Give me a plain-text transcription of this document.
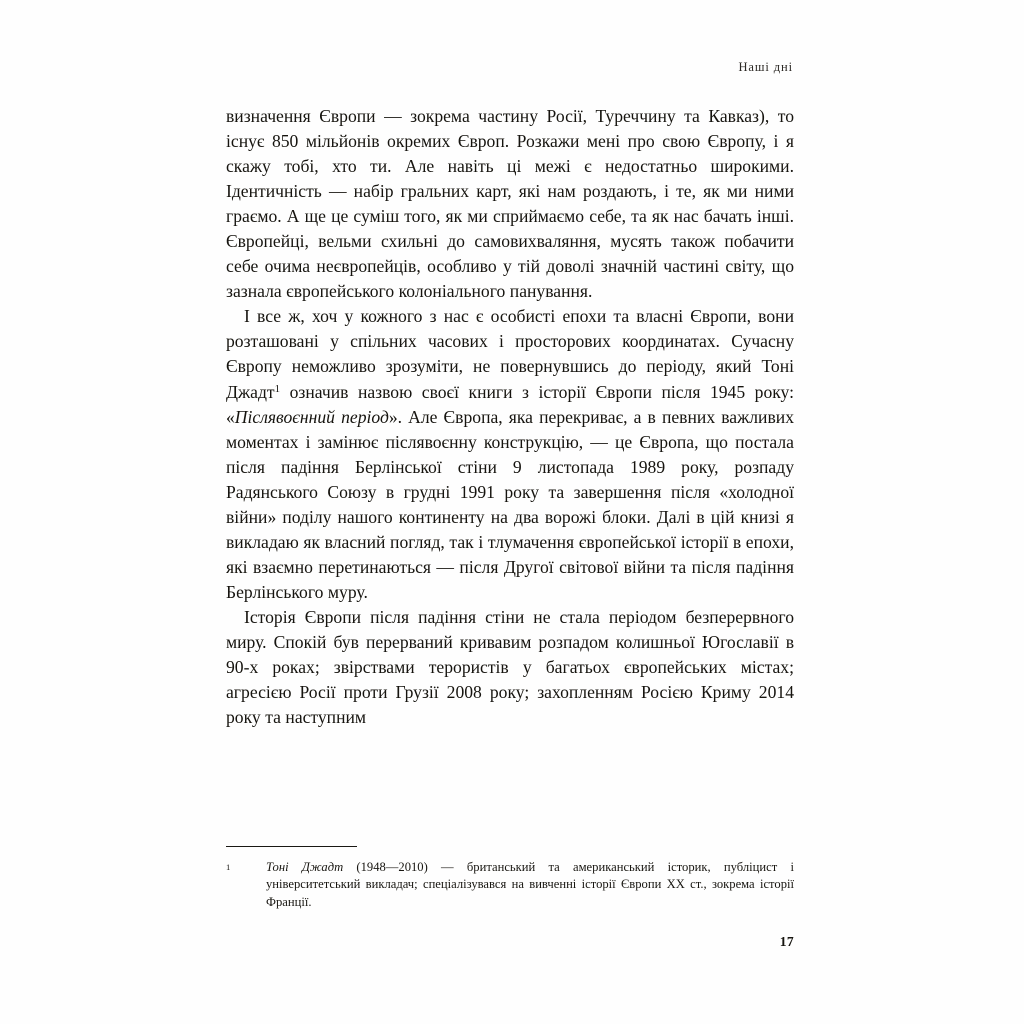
Наші дні

визначення Європи — зокрема частину Росії, Туреччину та Кавказ), то існує 850 мільйонів окремих Європ. Розкажи мені про свою Європу, і я скажу тобі, хто ти. Але навіть ці межі є недостатньо широкими. Ідентичність — набір гральних карт, які нам роздають, і те, як ми ними граємо. А ще це суміш того, як ми сприймаємо себе, та як нас бачать інші. Європейці, вельми схильні до самовихваляння, мусять також побачити себе очима неєвропейців, особливо у тій доволі значній частині світу, що зазнала європейського колоніального панування.

І все ж, хоч у кожного з нас є особисті епохи та власні Європи, вони розташовані у спільних часових і просторових координатах. Сучасну Європу неможливо зрозуміти, не повернувшись до періоду, який Тоні Джадт$^1$ означив назвою своєї книги з історії Європи після 1945 року: «Післявоєнний період». Але Європа, яка перекриває, а в певних важливих моментах і замінює післявоєнну конструкцію, — це Європа, що постала після падіння Берлінської стіни 9 листопада 1989 року, розпаду Радянського Союзу в грудні 1991 року та завершення після «холодної війни» поділу нашого континенту на два ворожі блоки. Далі в цій книзі я викладаю як власний погляд, так і тлумачення європейської історії в епохи, які взаємно перетинаються — після Другої світової війни та після падіння Берлінського муру.

Історія Європи після падіння стіни не стала періодом безперервного миру. Спокій був перерваний кривавим розпадом колишньої Югославії в 90-х роках; звірствами терористів у багатьох європейських містах; агресією Росії проти Грузії 2008 року; захопленням Росією Криму 2014 року та наступним

1	Тоні Джадт (1948—2010) — британський та американський історик, публіцист і університетський викладач; спеціалізувався на вивченні історії Європи XX ст., зокрема історії Франції.
17
